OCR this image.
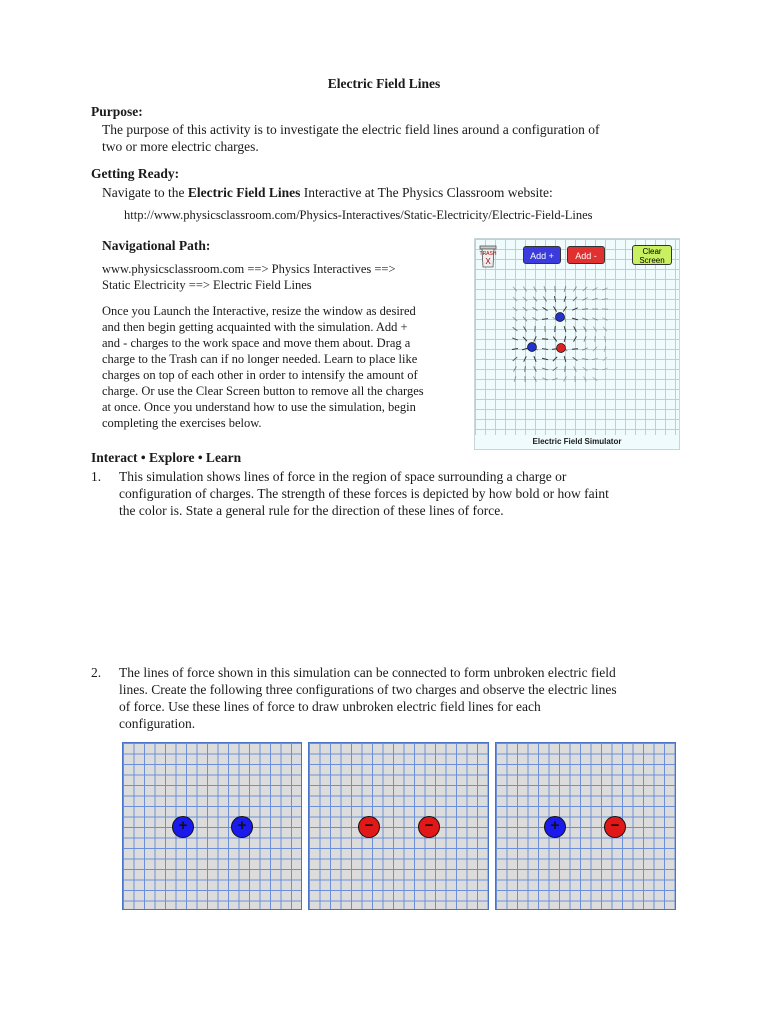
Electric Field Lines
Purpose:
The purpose of this activity is to investigate the electric field lines around a configuration of
two or more electric charges.
Getting Ready:
Navigate to the Electric Field Lines Interactive at The Physics Classroom website:
http://www.physicsclassroom.com/Physics-Interactives/Static-Electricity/Electric-Field-Lines
Navigational Path:
www.physicsclassroom.com ==> Physics Interactives ==>
Static Electricity ==> Electric Field Lines
Once you Launch the Interactive, resize the window as desired
and then begin getting acquainted with the simulation. Add +
and - charges to the work space and move them about. Drag a
charge to the Trash can if no longer needed. Learn to place like
charges on top of each other in order to intensify the amount of
charge. Or use the Clear Screen button to remove all the charges
at once. Once you understand how to use the simulation, begin
completing the exercises below.
TRASH
X
Add +	Add -	Clear
Screen
Electric Field Simulator
Interact • Explore • Learn
1.	This simulation shows lines of force in the region of space surrounding a charge or
configuration of charges. The strength of these forces is depicted by how bold or how faint
the color is. State a general rule for the direction of these lines of force.
2.	The lines of force shown in this simulation can be connected to form unbroken electric field
lines. Create the following three configurations of two charges and observe the electric lines
of force. Use these lines of force to draw unbroken electric field lines for each
configuration.
+	+	−	−	+	−
